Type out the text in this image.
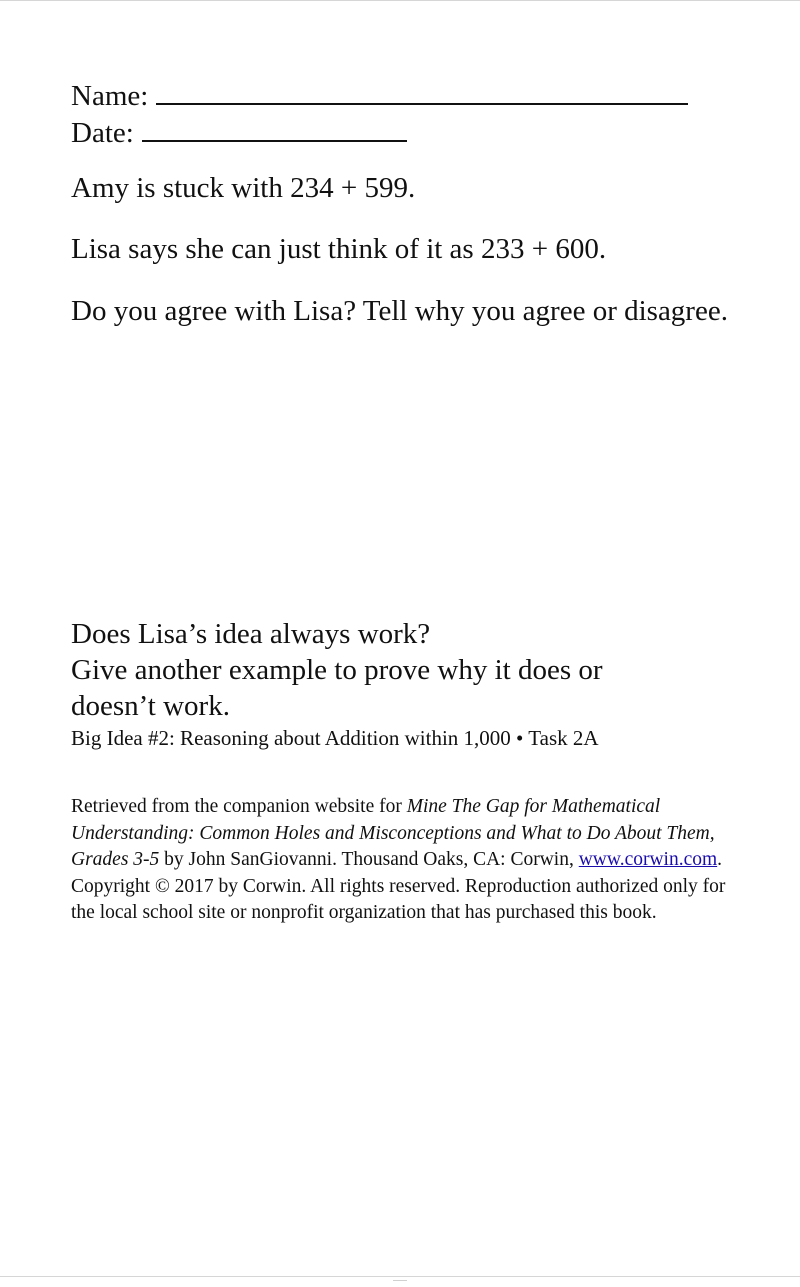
Name:
Date:

Amy is stuck with 234 + 599.

Lisa says she can just think of it as 233 + 600.

Do you agree with Lisa? Tell why you agree or disagree.

Does Lisa’s idea always work?
Give another example to prove why it does or
doesn’t work.
Big Idea #2: Reasoning about Addition within 1,000 • Task 2A

Retrieved from the companion website for Mine The Gap for Mathematical Understanding: Common Holes and Misconceptions and What to Do About Them, Grades 3-5 by John SanGiovanni. Thousand Oaks, CA: Corwin, www.corwin.com. Copyright © 2017 by Corwin. All rights reserved. Reproduction authorized only for the local school site or nonprofit organization that has purchased this book.
